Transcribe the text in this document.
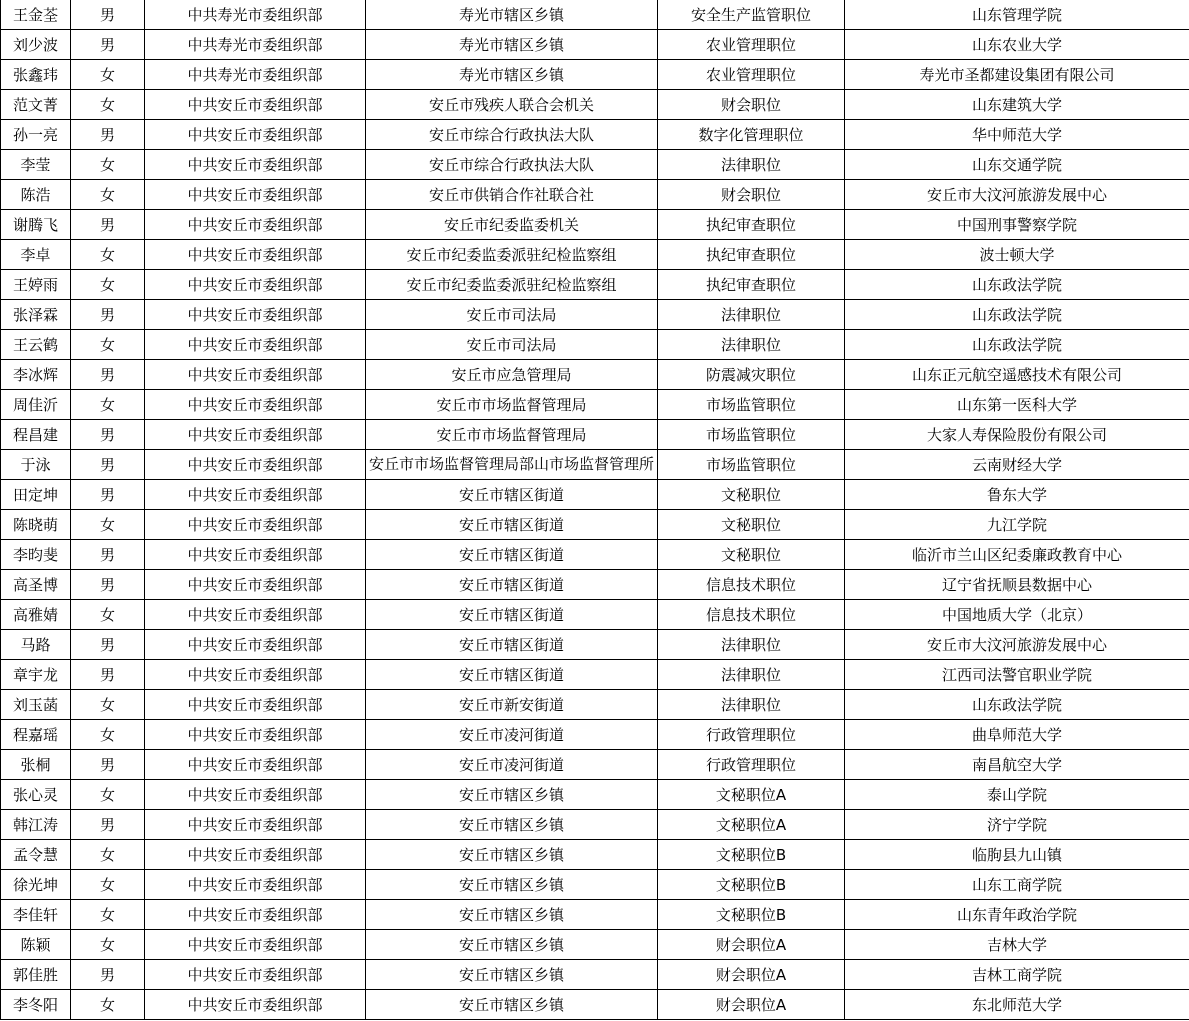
王金荃	男	中共寿光市委组织部	寿光市辖区乡镇	安全生产监管职位	山东管理学院
刘少波	男	中共寿光市委组织部	寿光市辖区乡镇	农业管理职位	山东农业大学
张鑫玮	女	中共寿光市委组织部	寿光市辖区乡镇	农业管理职位	寿光市圣都建设集团有限公司
范文菁	女	中共安丘市委组织部	安丘市残疾人联合会机关	财会职位	山东建筑大学
孙一亮	男	中共安丘市委组织部	安丘市综合行政执法大队	数字化管理职位	华中师范大学
李莹	女	中共安丘市委组织部	安丘市综合行政执法大队	法律职位	山东交通学院
陈浩	女	中共安丘市委组织部	安丘市供销合作社联合社	财会职位	安丘市大汶河旅游发展中心
谢腾飞	男	中共安丘市委组织部	安丘市纪委监委机关	执纪审查职位	中国刑事警察学院
李卓	女	中共安丘市委组织部	安丘市纪委监委派驻纪检监察组	执纪审查职位	波士顿大学
王婷雨	女	中共安丘市委组织部	安丘市纪委监委派驻纪检监察组	执纪审查职位	山东政法学院
张泽霖	男	中共安丘市委组织部	安丘市司法局	法律职位	山东政法学院
王云鹤	女	中共安丘市委组织部	安丘市司法局	法律职位	山东政法学院
李冰辉	男	中共安丘市委组织部	安丘市应急管理局	防震减灾职位	山东正元航空遥感技术有限公司
周佳沂	女	中共安丘市委组织部	安丘市市场监督管理局	市场监管职位	山东第一医科大学
程昌建	男	中共安丘市委组织部	安丘市市场监督管理局	市场监管职位	大家人寿保险股份有限公司
于泳	男	中共安丘市委组织部	安丘市市场监督管理局部山市场监督管理所	市场监管职位	云南财经大学
田定坤	男	中共安丘市委组织部	安丘市辖区街道	文秘职位	鲁东大学
陈晓萌	女	中共安丘市委组织部	安丘市辖区街道	文秘职位	九江学院
李昀斐	男	中共安丘市委组织部	安丘市辖区街道	文秘职位	临沂市兰山区纪委廉政教育中心
高圣博	男	中共安丘市委组织部	安丘市辖区街道	信息技术职位	辽宁省抚顺县数据中心
高雅婧	女	中共安丘市委组织部	安丘市辖区街道	信息技术职位	中国地质大学（北京）
马路	男	中共安丘市委组织部	安丘市辖区街道	法律职位	安丘市大汶河旅游发展中心
章宇龙	男	中共安丘市委组织部	安丘市辖区街道	法律职位	江西司法警官职业学院
刘玉菡	女	中共安丘市委组织部	安丘市新安街道	法律职位	山东政法学院
程嘉瑶	女	中共安丘市委组织部	安丘市凌河街道	行政管理职位	曲阜师范大学
张桐	男	中共安丘市委组织部	安丘市凌河街道	行政管理职位	南昌航空大学
张心灵	女	中共安丘市委组织部	安丘市辖区乡镇	文秘职位A	泰山学院
韩江涛	男	中共安丘市委组织部	安丘市辖区乡镇	文秘职位A	济宁学院
孟令慧	女	中共安丘市委组织部	安丘市辖区乡镇	文秘职位B	临朐县九山镇
徐光坤	女	中共安丘市委组织部	安丘市辖区乡镇	文秘职位B	山东工商学院
李佳轩	女	中共安丘市委组织部	安丘市辖区乡镇	文秘职位B	山东青年政治学院
陈颖	女	中共安丘市委组织部	安丘市辖区乡镇	财会职位A	吉林大学
郭佳胜	男	中共安丘市委组织部	安丘市辖区乡镇	财会职位A	吉林工商学院
李冬阳	女	中共安丘市委组织部	安丘市辖区乡镇	财会职位A	东北师范大学
